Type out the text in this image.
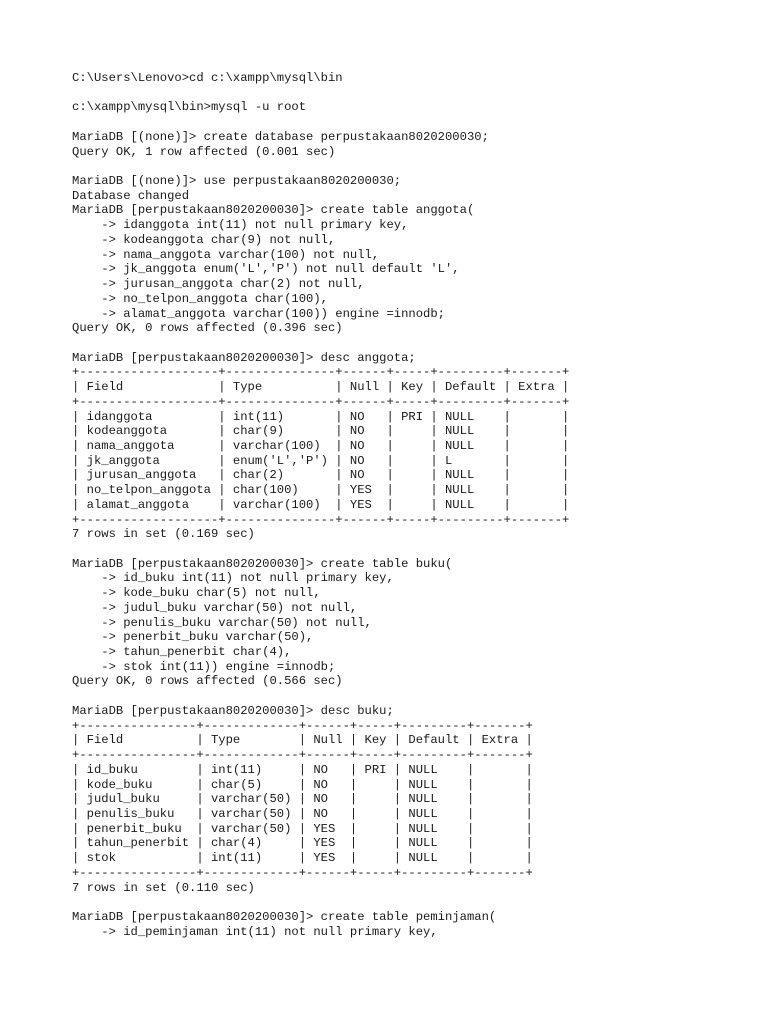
C:\Users\Lenovo>cd c:\xampp\mysql\bin
c:\xampp\mysql\bin>mysql -u root
MariaDB [(none)]> create database perpustakaan8020200030;
Query OK, 1 row affected (0.001 sec)
MariaDB [(none)]> use perpustakaan8020200030;
Database changed
MariaDB [perpustakaan8020200030]> create table anggota(
-> idanggota int(11) not null primary key,
-> kodeanggota char(9) not null,
-> nama_anggota varchar(100) not null,
-> jk_anggota enum('L','P') not null default 'L',
-> jurusan_anggota char(2) not null,
-> no_telpon_anggota char(100),
-> alamat_anggota varchar(100)) engine =innodb;
Query OK, 0 rows affected (0.396 sec)
MariaDB [perpustakaan8020200030]> desc anggota;
+-------------------+---------------+------+-----+---------+-------+
| Field             | Type          | Null | Key | Default | Extra |
+-------------------+---------------+------+-----+---------+-------+
| idanggota         | int(11)       | NO   | PRI | NULL    |       |
| kodeanggota       | char(9)       | NO   |     | NULL    |       |
| nama_anggota      | varchar(100)  | NO   |     | NULL    |       |
| jk_anggota        | enum('L','P') | NO   |     | L       |       |
| jurusan_anggota   | char(2)       | NO   |     | NULL    |       |
| no_telpon_anggota | char(100)     | YES  |     | NULL    |       |
| alamat_anggota    | varchar(100)  | YES  |     | NULL    |       |
+-------------------+---------------+------+-----+---------+-------+
7 rows in set (0.169 sec)
MariaDB [perpustakaan8020200030]> create table buku(
-> id_buku int(11) not null primary key,
-> kode_buku char(5) not null,
-> judul_buku varchar(50) not null,
-> penulis_buku varchar(50) not null,
-> penerbit_buku varchar(50),
-> tahun_penerbit char(4),
-> stok int(11)) engine =innodb;
Query OK, 0 rows affected (0.566 sec)
MariaDB [perpustakaan8020200030]> desc buku;
+----------------+-------------+------+-----+---------+-------+
| Field          | Type        | Null | Key | Default | Extra |
+----------------+-------------+------+-----+---------+-------+
| id_buku        | int(11)     | NO   | PRI | NULL    |       |
| kode_buku      | char(5)     | NO   |     | NULL    |       |
| judul_buku     | varchar(50) | NO   |     | NULL    |       |
| penulis_buku   | varchar(50) | NO   |     | NULL    |       |
| penerbit_buku  | varchar(50) | YES  |     | NULL    |       |
| tahun_penerbit | char(4)     | YES  |     | NULL    |       |
| stok           | int(11)     | YES  |     | NULL    |       |
+----------------+-------------+------+-----+---------+-------+
7 rows in set (0.110 sec)
MariaDB [perpustakaan8020200030]> create table peminjaman(
-> id_peminjaman int(11) not null primary key,
